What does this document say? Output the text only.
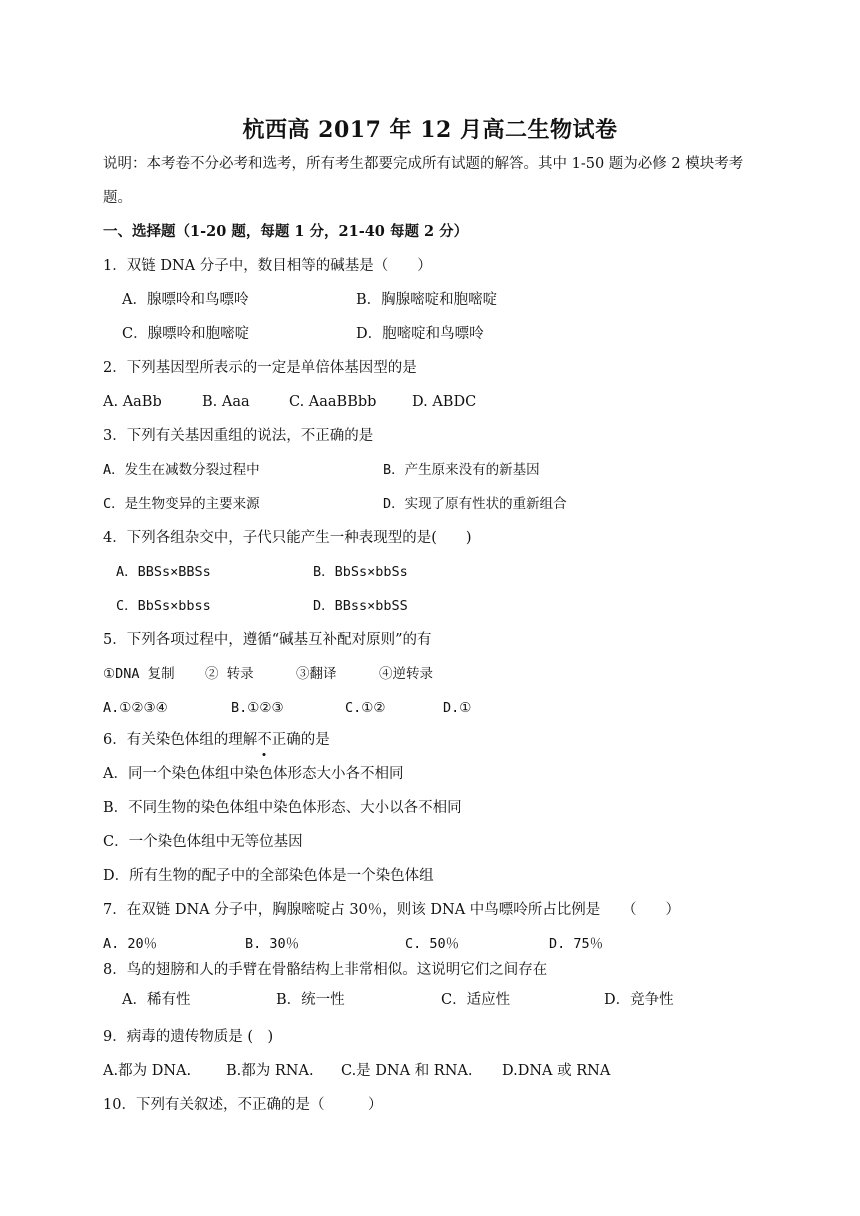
杭西高 2017 年 12 月高二生物试卷
说明：本考卷不分必考和选考，所有考生都要完成所有试题的解答。其中 1-50 题为必修 2 模块考考
题。
一、选择题（1-20 题，每题 1 分，21-40 每题 2 分）
1．双链 DNA 分子中，数目相等的碱基是（　　）
A．腺嘌呤和鸟嘌呤	B．胸腺嘧啶和胞嘧啶
C．腺嘌呤和胞嘧啶	D．胞嘧啶和鸟嘌呤
2．下列基因型所表示的一定是单倍体基因型的是
A. AaBb	B. Aaa	C. AaaBBbb D. ABDC
3．下列有关基因重组的说法，不正确的是
A．发生在减数分裂过程中	B．产生原来没有的新基因
C．是生物变异的主要来源	D．实现了原有性状的重新组合
4．下列各组杂交中，子代只能产生一种表现型的是(　　)
A．BBSs×BBSs	B．BbSs×bbSs
C．BbSs×bbss	D．BBss×bbSS
5．下列各项过程中，遵循“碱基互补配对原则”的有
①DNA 复制 ② 转录	③翻译	④逆转录
A.①②③④	B.①②③	C.①②	D.①
6．有关染色体组的理解不正确的是
A．同一个染色体组中染色体形态大小各不相同
B．不同生物的染色体组中染色体形态、大小以各不相同
C．一个染色体组中无等位基因
D．所有生物的配子中的全部染色体是一个染色体组
7．在双链 DNA 分子中，胸腺嘧啶占 30％，则该 DNA 中鸟嘌呤所占比例是　　（　　）
A. 20％	B. 30％	C. 50％	D. 75％
8．鸟的翅膀和人的手臂在骨骼结构上非常相似。这说明它们之间存在
A．稀有性	B．统一性	C．适应性	D．竞争性
9．病毒的遗传物质是 (　)
A.都为 DNA. B.都为 RNA. C.是 DNA 和 RNA. D.DNA 或 RNA
10．下列有关叙述，不正确的是（　　　）
